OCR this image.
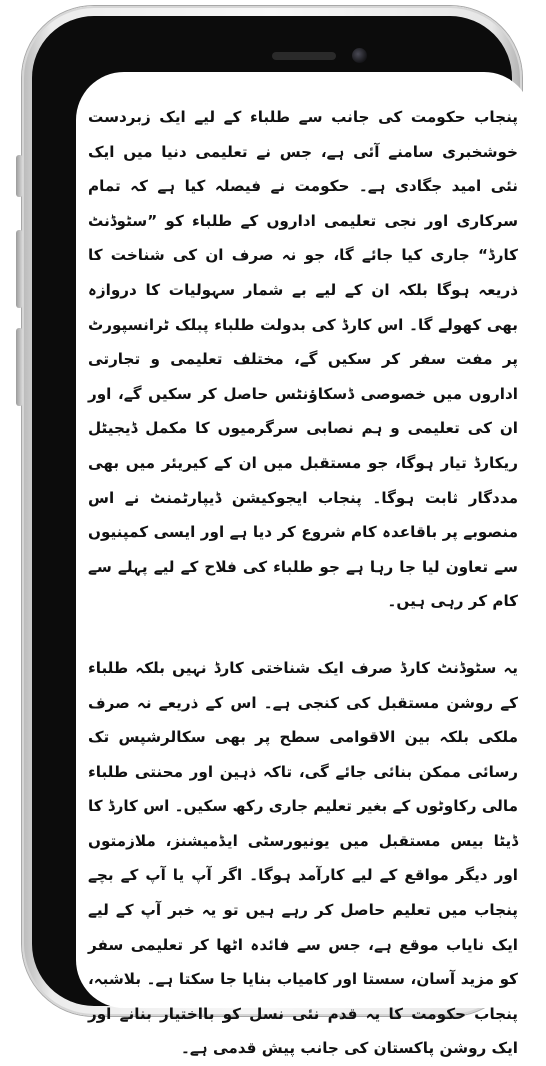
پنجاب حکومت کی جانب سے طلباء کے لیے ایک زبردست خوشخبری سامنے آئی ہے، جس نے تعلیمی دنیا میں ایک نئی امید جگادی ہے۔ حکومت نے فیصلہ کیا ہے کہ تمام سرکاری اور نجی تعلیمی اداروں کے طلباء کو ”سٹوڈنٹ کارڈ“ جاری کیا جائے گا، جو نہ صرف ان کی شناخت کا ذریعہ ہوگا بلکہ ان کے لیے بے شمار سہولیات کا دروازہ بھی کھولے گا۔ اس کارڈ کی بدولت طلباء پبلک ٹرانسپورٹ پر مفت سفر کر سکیں گے، مختلف تعلیمی و تجارتی اداروں میں خصوصی ڈسکاؤنٹس حاصل کر سکیں گے، اور ان کی تعلیمی و ہم نصابی سرگرمیوں کا مکمل ڈیجیٹل ریکارڈ تیار ہوگا، جو مستقبل میں ان کے کیریئر میں بھی مددگار ثابت ہوگا۔ پنجاب ایجوکیشن ڈیپارٹمنٹ نے اس منصوبے پر باقاعدہ کام شروع کر دیا ہے اور ایسی کمپنیوں سے تعاون لیا جا رہا ہے جو طلباء کی فلاح کے لیے پہلے سے کام کر رہی ہیں۔

یہ سٹوڈنٹ کارڈ صرف ایک شناختی کارڈ نہیں بلکہ طلباء کے روشن مستقبل کی کنجی ہے۔ اس کے ذریعے نہ صرف ملکی بلکہ بین الاقوامی سطح پر بھی سکالرشپس تک رسائی ممکن بنائی جائے گی، تاکہ ذہین اور محنتی طلباء مالی رکاوٹوں کے بغیر تعلیم جاری رکھ سکیں۔ اس کارڈ کا ڈیٹا بیس مستقبل میں یونیورسٹی ایڈمیشنز، ملازمتوں اور دیگر مواقع کے لیے کارآمد ہوگا۔ اگر آپ یا آپ کے بچے پنجاب میں تعلیم حاصل کر رہے ہیں تو یہ خبر آپ کے لیے ایک نایاب موقع ہے، جس سے فائدہ اٹھا کر تعلیمی سفر کو مزید آسان، سستا اور کامیاب بنایا جا سکتا ہے۔ بلاشبہ، پنجاب حکومت کا یہ قدم نئی نسل کو بااختیار بنانے اور ایک روشن پاکستان کی جانب پیش قدمی ہے۔
